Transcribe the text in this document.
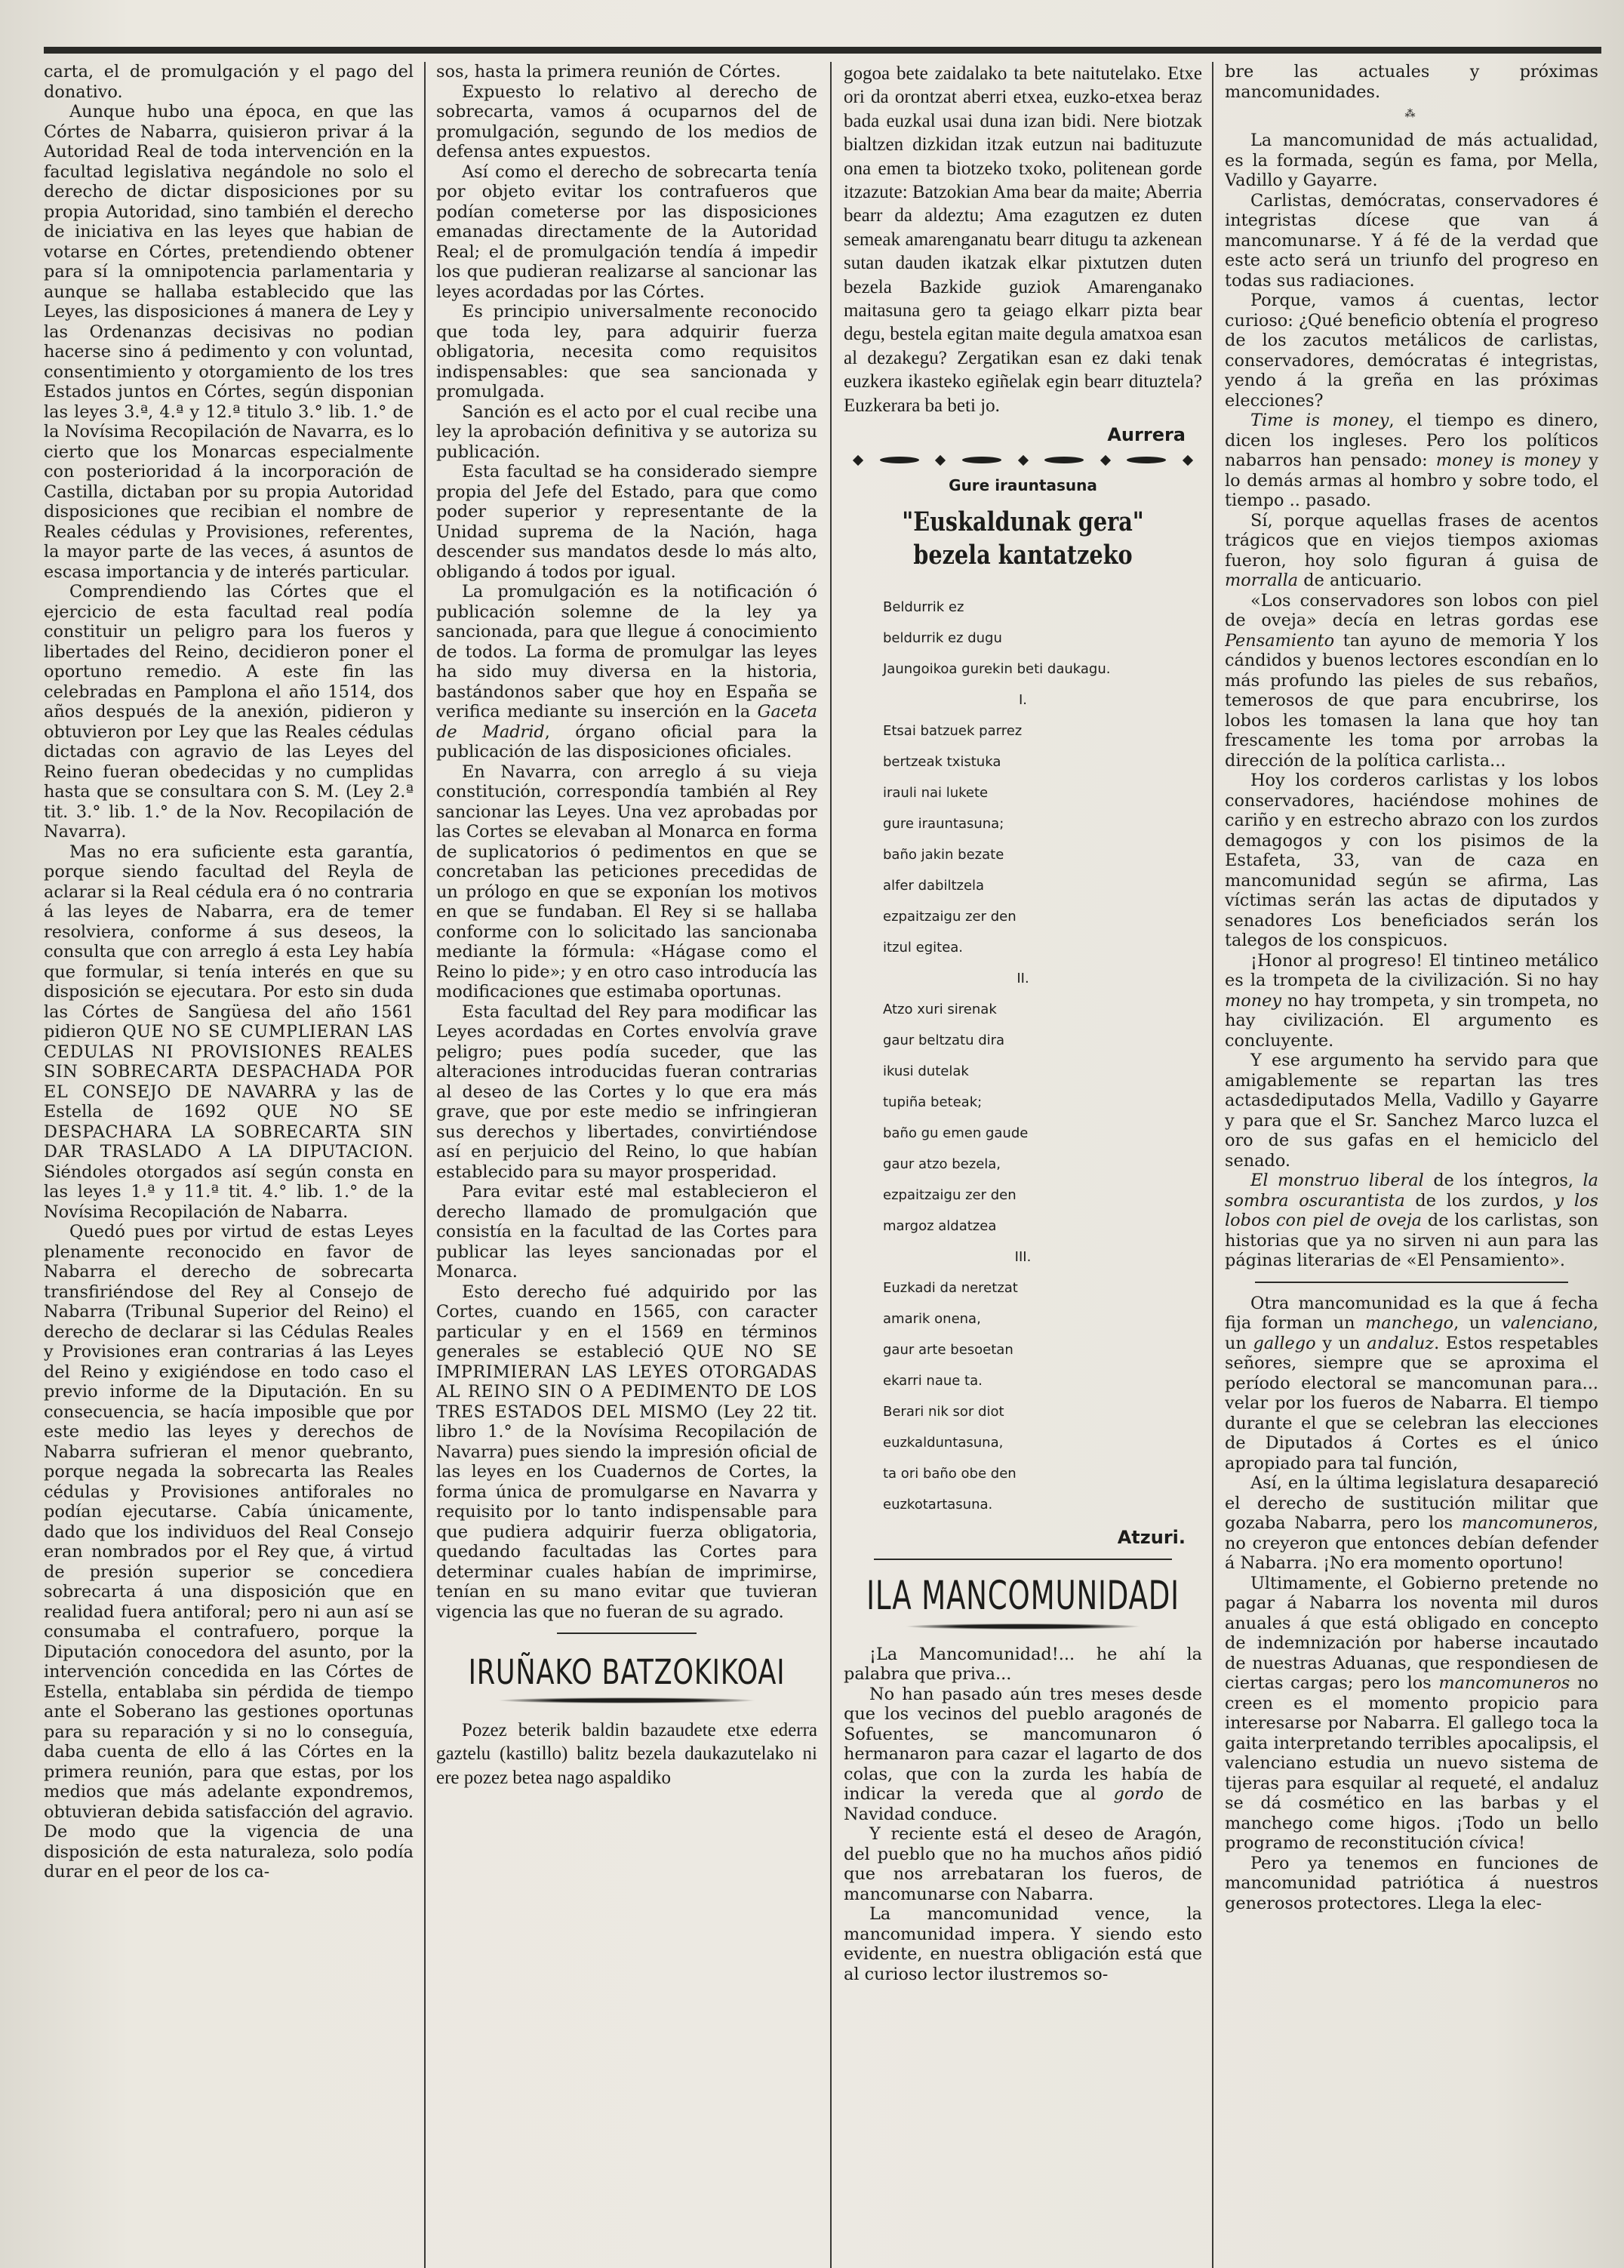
carta, el de promulgación y el pago del donativo.

Aunque hubo una época, en que las Córtes de Nabarra, quisieron privar á la Autoridad Real de toda intervención en la facultad legislativa negándole no solo el derecho de dictar disposiciones por su propia Autoridad, sino también el derecho de iniciativa en las leyes que habian de votarse en Córtes, pretendiendo obtener para sí la omnipotencia parlamentaria y aunque se hallaba establecido que las Leyes, las disposiciones á manera de Ley y las Ordenanzas decisivas no podian hacerse sino á pedimento y con voluntad, consentimiento y otorgamiento de los tres Estados juntos en Córtes, según disponian las leyes 3.ª, 4.ª y 12.ª titulo 3.° lib. 1.° de la Novísima Recopilación de Navarra, es lo cierto que los Monarcas especialmente con posterioridad á la incorporación de Castilla, dictaban por su propia Autoridad disposiciones que recibian el nombre de Reales cédulas y Provisiones, referentes, la mayor parte de las veces, á asuntos de escasa importancia y de interés particular.

Comprendiendo las Córtes que el ejercicio de esta facultad real podía constituir un peligro para los fueros y libertades del Reino, decidieron poner el oportuno remedio. A este fin las celebradas en Pamplona el año 1514, dos años después de la anexión, pidieron y obtuvieron por Ley que las Reales cédulas dictadas con agravio de las Leyes del Reino fueran obedecidas y no cumplidas hasta que se consultara con S. M. (Ley 2.ª tit. 3.° lib. 1.° de la Nov. Recopilación de Navarra).

Mas no era suficiente esta garantía, porque siendo facultad del Reyla de aclarar si la Real cédula era ó no contraria á las leyes de Nabarra, era de temer resolviera, conforme á sus deseos, la consulta que con arreglo á esta Ley había que formular, si tenía interés en que su disposición se ejecutara. Por esto sin duda las Córtes de Sangüesa del año 1561 pidieron QUE NO SE CUMPLIERAN LAS CEDULAS NI PROVISIONES REALES SIN SOBRECARTA DESPACHADA POR EL CONSEJO DE NAVARRA y las de Estella de 1692 QUE NO SE DESPACHARA LA SOBRECARTA SIN DAR TRASLADO A LA DIPUTACION. Siéndoles otorgados así según consta en las leyes 1.ª y 11.ª tit. 4.° lib. 1.° de la Novísima Recopilación de Nabarra.

Quedó pues por virtud de estas Leyes plenamente reconocido en favor de Nabarra el derecho de sobrecarta transfiriéndose del Rey al Consejo de Nabarra (Tribunal Superior del Reino) el derecho de declarar si las Cédulas Reales y Provisiones eran contrarias á las Leyes del Reino y exigiéndose en todo caso el previo informe de la Diputación. En su consecuencia, se hacía imposible que por este medio las leyes y derechos de Nabarra sufrieran el menor quebranto, porque negada la sobrecarta las Reales cédulas y Provisiones antiforales no podían ejecutarse. Cabía únicamente, dado que los individuos del Real Consejo eran nombrados por el Rey que, á virtud de presión superior se concediera sobrecarta á una disposición que en realidad fuera antiforal; pero ni aun así se consumaba el contrafuero, porque la Diputación conocedora del asunto, por la intervención concedida en las Córtes de Estella, entablaba sin pérdida de tiempo ante el Soberano las gestiones oportunas para su reparación y si no lo conseguía, daba cuenta de ello á las Córtes en la primera reunión, para que estas, por los medios que más adelante expondremos, obtuvieran debida satisfacción del agravio. De modo que la vigencia de una disposición de esta naturaleza, solo podía durar en el peor de los ca-

sos, hasta la primera reunión de Córtes.

Expuesto lo relativo al derecho de sobrecarta, vamos á ocuparnos del de promulgación, segundo de los medios de defensa antes expuestos.

Así como el derecho de sobrecarta tenía por objeto evitar los contrafueros que podían cometerse por las disposiciones emanadas directamente de la Autoridad Real; el de promulgación tendía á impedir los que pudieran realizarse al sancionar las leyes acordadas por las Córtes.

Es principio universalmente reconocido que toda ley, para adquirir fuerza obligatoria, necesita como requisitos indispensables: que sea sancionada y promulgada.

Sanción es el acto por el cual recibe una ley la aprobación definitiva y se autoriza su publicación.

Esta facultad se ha considerado siempre propia del Jefe del Estado, para que como poder superior y representante de la Unidad suprema de la Nación, haga descender sus mandatos desde lo más alto, obligando á todos por igual.

La promulgación es la notificación ó publicación solemne de la ley ya sancionada, para que llegue á conocimiento de todos. La forma de promulgar las leyes ha sido muy diversa en la historia, bastándonos saber que hoy en España se verifica mediante su inserción en la Gaceta de Madrid, órgano oficial para la publicación de las disposiciones oficiales.

En Navarra, con arreglo á su vieja constitución, correspondía también al Rey sancionar las Leyes. Una vez aprobadas por las Cortes se elevaban al Monarca en forma de suplicatorios ó pedimentos en que se concretaban las peticiones precedidas de un prólogo en que se exponían los motivos en que se fundaban. El Rey si se hallaba conforme con lo solicitado las sancionaba mediante la fórmula: «Hágase como el Reino lo pide»; y en otro caso introducía las modificaciones que estimaba oportunas.

Esta facultad del Rey para modificar las Leyes acordadas en Cortes envolvía grave peligro; pues podía suceder, que las alteraciones introducidas fueran contrarias al deseo de las Cortes y lo que era más grave, que por este medio se infringieran sus derechos y libertades, convirtiéndose así en perjuicio del Reino, lo que habían establecido para su mayor prosperidad.

Para evitar esté mal establecieron el derecho llamado de promulgación que consistía en la facultad de las Cortes para publicar las leyes sancionadas por el Monarca.

Esto derecho fué adquirido por las Cortes, cuando en 1565, con caracter particular y en el 1569 en términos generales se estableció QUE NO SE IMPRIMIERAN LAS LEYES OTORGADAS AL REINO SIN O A PEDIMENTO DE LOS TRES ESTADOS DEL MISMO (Ley 22 tit. libro 1.° de la Novísima Recopilación de Navarra) pues siendo la impresión oficial de las leyes en los Cuadernos de Cortes, la forma única de promulgarse en Navarra y requisito por lo tanto indispensable para que pudiera adquirir fuerza obligatoria, quedando facultadas las Cortes para determinar cuales habían de imprimirse, tenían en su mano evitar que tuvieran vigencia las que no fueran de su agrado.

IRUÑAKO BATZOKIKOAI

Pozez beterik baldin bazaudete etxe ederra gaztelu (kastillo) balitz bezela daukazutelako ni ere pozez betea nago aspaldiko

gogoa bete zaidalako ta bete naitutelako. Etxe ori da orontzat aberri etxea, euzko-etxea beraz bada euzkal usai duna izan bidi. Nere biotzak bialtzen dizkidan itzak eutzun nai badituzute ona emen ta biotzeko txoko, politenean gorde itzazute: Batzokian Ama bear da maite; Aberria bearr da aldeztu; Ama ezagutzen ez duten semeak amarenganatu bearr ditugu ta azkenean sutan dauden ikatzak elkar pixtutzen duten bezela Bazkide guziok Amarenganako maitasuna gero ta geiago elkarr pizta bear degu, bestela egitan maite degula amatxoa esan al dezakegu? Zergatikan esan ez daki tenak euzkera ikasteko egiñelak egin bearr dituztela? Euzkerara ba beti jo.

Aurrera
Gure irauntasuna
"Euskaldunak gera"
bezela kantatzeko
Beldurrik ez
beldurrik ez dugu
Jaungoikoa gurekin beti daukagu.
I.
Etsai batzuek parrez
bertzeak txistuka
irauli nai lukete
gure irauntasuna;
baño jakin bezate
alfer dabiltzela
ezpaitzaigu zer den
itzul egitea.
II.
Atzo xuri sirenak
gaur beltzatu dira
ikusi dutelak
tupiña beteak;
baño gu emen gaude
gaur atzo bezela,
ezpaitzaigu zer den
margoz aldatzea
III.
Euzkadi da neretzat
amarik onena,
gaur arte besoetan
ekarri naue ta.
Berari nik sor diot
euzkalduntasuna,
ta ori baño obe den
euzkotartasuna.
Atzuri.
ILA MANCOMUNIDADI

¡La Mancomunidad!... he ahí la palabra que priva...

No han pasado aún tres meses desde que los vecinos del pueblo aragonés de Sofuentes, se mancomunaron ó hermanaron para cazar el lagarto de dos colas, que con la zurda les había de indicar la vereda que al gordo de Navidad conduce.

Y reciente está el deseo de Aragón, del pueblo que no ha muchos años pidió que nos arrebataran los fueros, de mancomunarse con Nabarra.

La mancomunidad vence, la mancomunidad impera. Y siendo esto evidente, en nuestra obligación está que al curioso lector ilustremos so-

bre las actuales y próximas mancomunidades.

⁂

La mancomunidad de más actualidad, es la formada, según es fama, por Mella, Vadillo y Gayarre.

Carlistas, demócratas, conservadores é integristas dícese que van á mancomunarse. Y á fé de la verdad que este acto será un triunfo del progreso en todas sus radiaciones.

Porque, vamos á cuentas, lector curioso: ¿Qué beneficio obtenía el progreso de los zacutos metálicos de carlistas, conservadores, demócratas é integristas, yendo á la greña en las próximas elecciones?

Time is money, el tiempo es dinero, dicen los ingleses. Pero los políticos nabarros han pensado: money is money y lo demás armas al hombro y sobre todo, el tiempo .. pasado.

Sí, porque aquellas frases de acentos trágicos que en viejos tiempos axiomas fueron, hoy solo figuran á guisa de morralla de anticuario.

«Los conservadores son lobos con piel de oveja» decía en letras gordas ese Pensamiento tan ayuno de memoria Y los cándidos y buenos lectores escondían en lo más profundo las pieles de sus rebaños, temerosos de que para encubrirse, los lobos les tomasen la lana que hoy tan frescamente les toma por arrobas la dirección de la política carlista...

Hoy los corderos carlistas y los lobos conservadores, haciéndose mohines de cariño y en estrecho abrazo con los zurdos demagogos y con los pisimos de la Estafeta, 33, van de caza en mancomunidad según se afirma, Las víctimas serán las actas de diputados y senadores Los beneficiados serán los talegos de los conspicuos.

¡Honor al progreso! El tintineo metálico es la trompeta de la civilización. Si no hay money no hay trompeta, y sin trompeta, no hay civilización. El argumento es concluyente.

Y ese argumento ha servido para que amigablemente se repartan las tres actasdediputados Mella, Vadillo y Gayarre y para que el Sr. Sanchez Marco luzca el oro de sus gafas en el hemiciclo del senado.

El monstruo liberal de los íntegros, la sombra oscurantista de los zurdos, y los lobos con piel de oveja de los carlistas, son historias que ya no sirven ni aun para las páginas literarias de «El Pensamiento».

Otra mancomunidad es la que á fecha fija forman un manchego, un valenciano, un gallego y un andaluz. Estos respetables señores, siempre que se aproxima el período electoral se mancomunan para... velar por los fueros de Nabarra. El tiempo durante el que se celebran las elecciones de Diputados á Cortes es el único apropiado para tal función,

Así, en la última legislatura desapareció el derecho de sustitución militar que gozaba Nabarra, pero los mancomuneros, no creyeron que entonces debían defender á Nabarra. ¡No era momento oportuno!

Ultimamente, el Gobierno pretende no pagar á Nabarra los noventa mil duros anuales á que está obligado en concepto de indemnización por haberse incautado de nuestras Aduanas, que respondiesen de ciertas cargas; pero los mancomuneros no creen es el momento propicio para interesarse por Nabarra. El gallego toca la gaita interpretando terribles apocalipsis, el valenciano estudia un nuevo sistema de tijeras para esquilar al requeté, el andaluz se dá cosmético en las barbas y el manchego come higos. ¡Todo un bello programo de reconstitución cívica!

Pero ya tenemos en funciones de mancomunidad patriótica á nuestros generosos protectores. Llega la elec-
